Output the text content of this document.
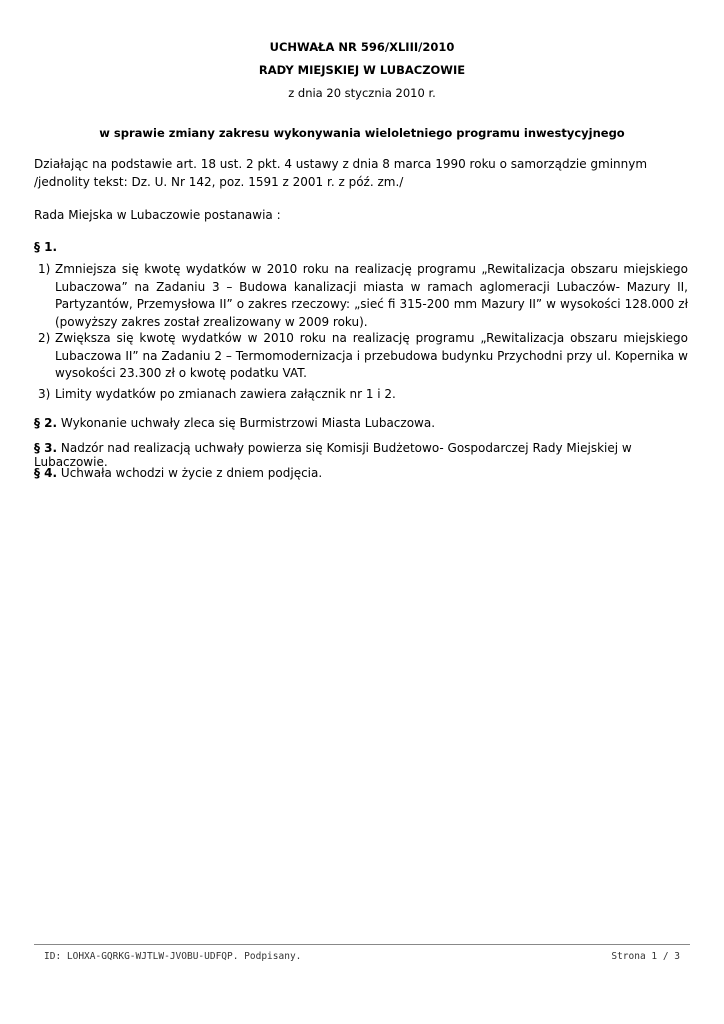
UCHWAŁA NR 596/XLIII/2010
RADY MIEJSKIEJ W LUBACZOWIE
z dnia 20 stycznia 2010 r.
w sprawie zmiany zakresu wykonywania wieloletniego programu inwestycyjnego
Działając na podstawie art. 18 ust. 2 pkt. 4 ustawy z dnia 8 marca 1990 roku o samorządzie gminnym /jednolity tekst: Dz. U. Nr 142, poz. 1591 z 2001 r. z póź. zm./
Rada Miejska w Lubaczowie postanawia :
§ 1.
1) Zmniejsza się kwotę wydatków w 2010 roku na realizację programu „Rewitalizacja obszaru miejskiego Lubaczowa” na Zadaniu 3 – Budowa kanalizacji miasta w ramach aglomeracji Lubaczów- Mazury II, Partyzantów, Przemysłowa II” o zakres rzeczowy: „sieć fi 315-200 mm Mazury II” w wysokości 128.000 zł (powyższy zakres został zrealizowany w 2009 roku).
2) Zwiększa się kwotę wydatków w 2010 roku na realizację programu „Rewitalizacja obszaru miejskiego Lubaczowa II” na Zadaniu 2 – Termomodernizacja i przebudowa budynku Przychodni przy ul. Kopernika w wysokości 23.300 zł o kwotę podatku VAT.
3) Limity wydatków po zmianach zawiera załącznik nr 1 i 2.
§ 2. Wykonanie uchwały zleca się Burmistrzowi Miasta Lubaczowa.
§ 3. Nadzór nad realizacją uchwały powierza się Komisji Budżetowo- Gospodarczej Rady Miejskiej w Lubaczowie.
§ 4. Uchwała wchodzi w życie z dniem podjęcia.
ID: LOHXA-GQRKG-WJTLW-JVOBU-UDFQP. Podpisany.	Strona 1 / 3
